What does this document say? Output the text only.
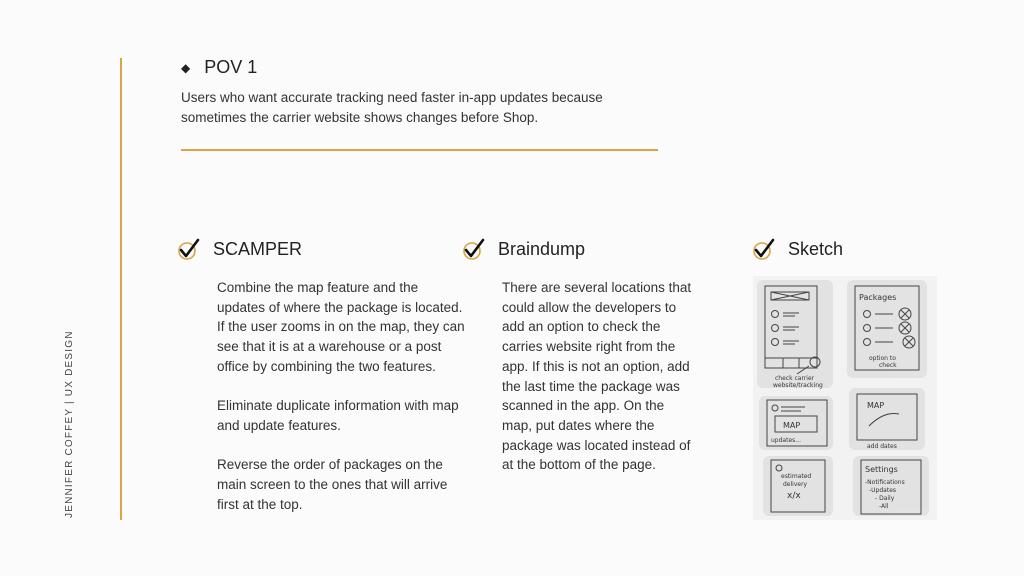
JENNIFER COFFEY | UX DESIGN
◆ POV 1
Users who want accurate tracking need faster in-app updates because sometimes the carrier website shows changes before Shop.
SCAMPER

Combine the map feature and the updates of where the package is located. If the user zooms in on the map, they can see that it is at a warehouse or a post office by combining the two features.

Eliminate duplicate information with map and update features.

Reverse the order of packages on the main screen to the ones that will arrive first at the top.

Braindump

There are several locations that could allow the developers to add an option to check the carries website right from the app. If this is not an option, add the last time the package was scanned in the app. On the map, put dates where the package was located instead of at the bottom of the page.

Sketch
check carrier
website/tracking
Packages
option to
check
MAP
updates...
MAP
add dates
estimated
delivery
x/x
Settings
-Notifications
-Updates
- Daily
-All
